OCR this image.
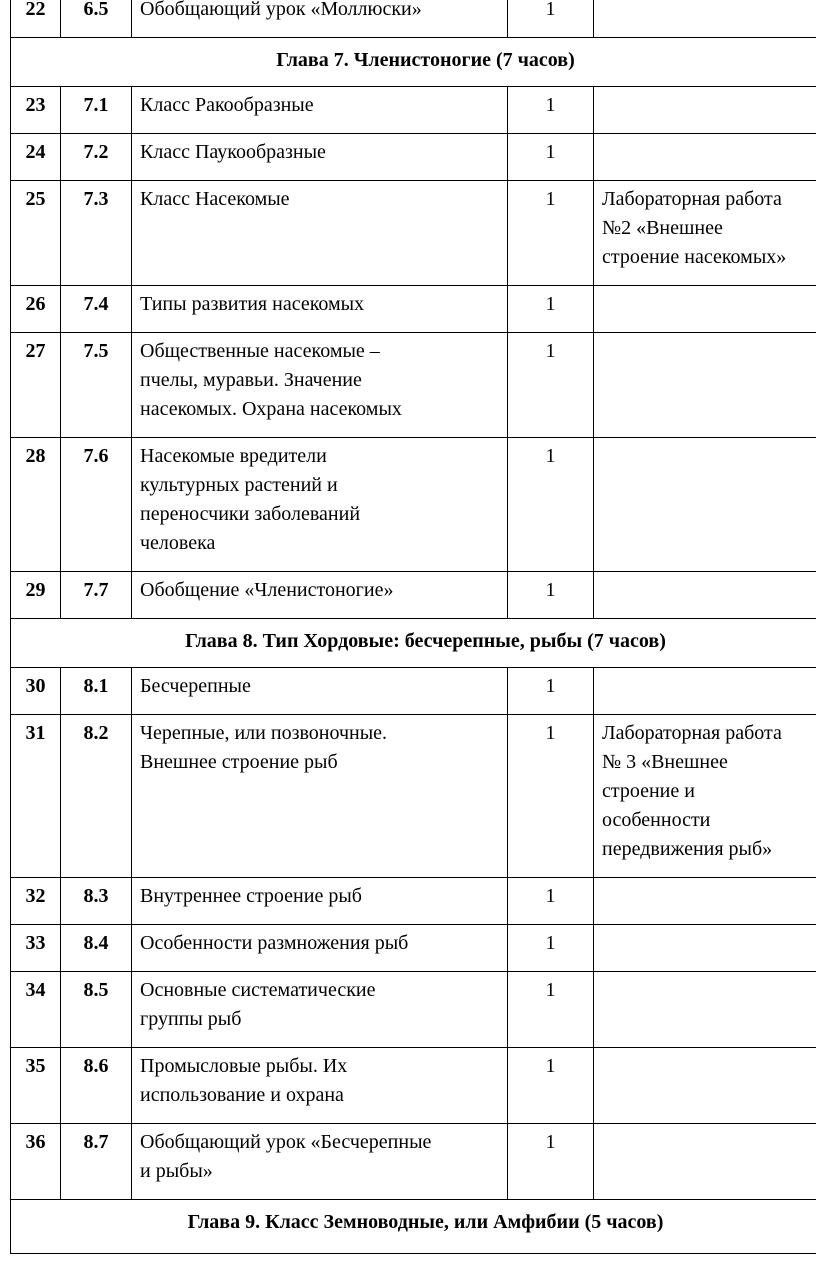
22	6.5	Обобщающий урок «Моллюски»	1	
Глава 7. Членистоногие (7 часов)				
23	7.1	Класс Ракообразные	1	
24	7.2	Класс Паукообразные	1	
25	7.3	Класс Насекомые	1	Лабораторная работа
№2 «Внешнее
строение насекомых»

26	7.4	Типы развития насекомых	1	
27	7.5	Общественные насекомые –
пчелы, муравьи. Значение
насекомых. Охрана насекомых	1	
28	7.6	Насекомые вредители
культурных растений и
переносчики заболеваний
человека	1	
29	7.7	Обобщение «Членистоногие»	1	
Глава 8. Тип Хордовые: бесчерепные, рыбы (7 часов)				
30	8.1	Бесчерепные	1	
31	8.2	Черепные, или позвоночные.
Внешнее строение рыб	1	Лабораторная работа
№ 3 «Внешнее
строение и
особенности
передвижения рыб»

32	8.3	Внутреннее строение рыб	1	
33	8.4	Особенности размножения рыб	1	
34	8.5	Основные систематические
группы рыб	1	
35	8.6	Промысловые рыбы. Их
использование и охрана	1	
36	8.7	Обобщающий урок «Бесчерепные
и рыбы»	1	
Глава 9. Класс Земноводные, или Амфибии (5 часов)				
